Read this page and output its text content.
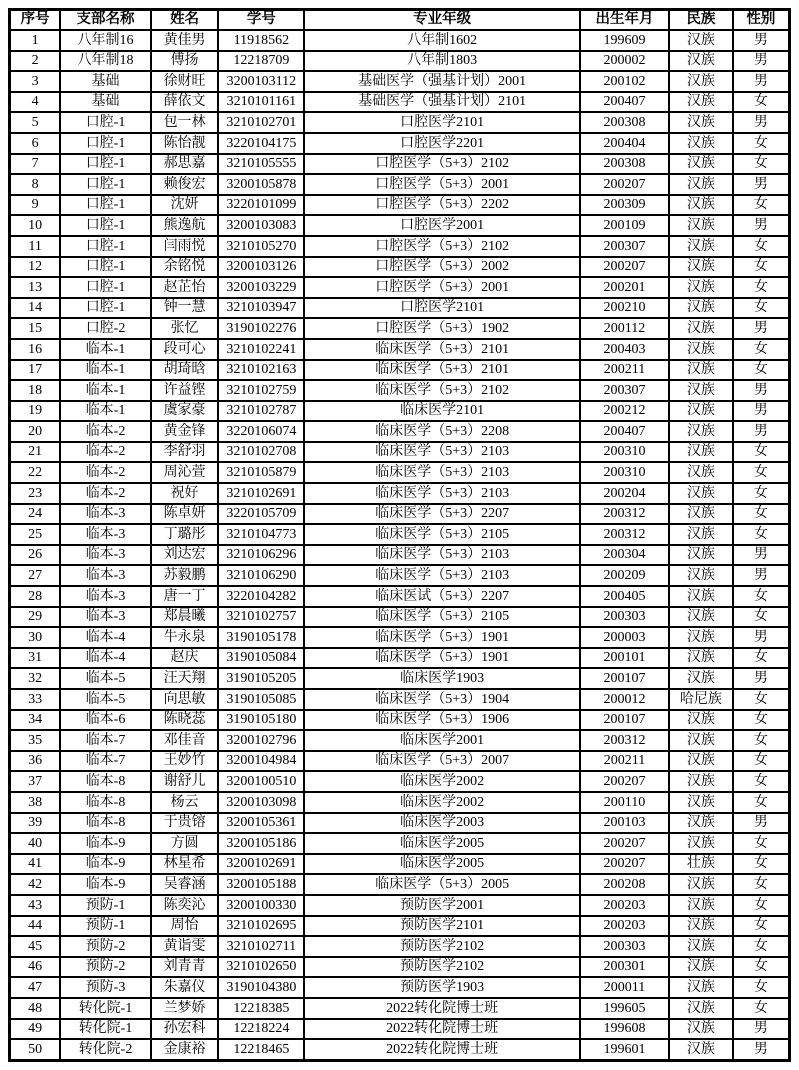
序号	支部名称	姓名	学号	专业年级	出生年月	民族	性别
1	八年制16	黄佳男	11918562	八年制1602	199609	汉族	男
2	八年制18	傅扬	12218709	八年制1803	200002	汉族	男
3	基础	徐财旺	3200103112	基础医学（强基计划）2001	200102	汉族	男
4	基础	薛依文	3210101161	基础医学（强基计划）2101	200407	汉族	女
5	口腔-1	包一林	3210102701	口腔医学2101	200308	汉族	男
6	口腔-1	陈怡靓	3220104175	口腔医学2201	200404	汉族	女
7	口腔-1	郝思嘉	3210105555	口腔医学（5+3）2102	200308	汉族	女
8	口腔-1	赖俊宏	3200105878	口腔医学（5+3）2001	200207	汉族	男
9	口腔-1	沈妍	3220101099	口腔医学（5+3）2202	200309	汉族	女
10	口腔-1	熊逸航	3200103083	口腔医学2001	200109	汉族	男
11	口腔-1	闫雨悦	3210105270	口腔医学（5+3）2102	200307	汉族	女
12	口腔-1	余铭悦	3200103126	口腔医学（5+3）2002	200207	汉族	女
13	口腔-1	赵芷怡	3200103229	口腔医学（5+3）2001	200201	汉族	女
14	口腔-1	钟一慧	3210103947	口腔医学2101	200210	汉族	女
15	口腔-2	张忆	3190102276	口腔医学（5+3）1902	200112	汉族	男
16	临本-1	段可心	3210102241	临床医学（5+3）2101	200403	汉族	女
17	临本-1	胡琦晗	3210102163	临床医学（5+3）2101	200211	汉族	女
18	临本-1	许益铿	3210102759	临床医学（5+3）2102	200307	汉族	男
19	临本-1	虞家豪	3210102787	临床医学2101	200212	汉族	男
20	临本-2	黄金锋	3220106074	临床医学（5+3）2208	200407	汉族	男
21	临本-2	李舒羽	3210102708	临床医学（5+3）2103	200310	汉族	女
22	临本-2	周沁萱	3210105879	临床医学（5+3）2103	200310	汉族	女
23	临本-2	祝好	3210102691	临床医学（5+3）2103	200204	汉族	女
24	临本-3	陈卓妍	3220105709	临床医学（5+3）2207	200312	汉族	女
25	临本-3	丁璐彤	3210104773	临床医学（5+3）2105	200312	汉族	女
26	临本-3	刘达宏	3210106296	临床医学（5+3）2103	200304	汉族	男
27	临本-3	苏毅鹏	3210106290	临床医学（5+3）2103	200209	汉族	男
28	临本-3	唐一丁	3220104282	临床医试（5+3）2207	200405	汉族	女
29	临本-3	郑晨曦	3210102757	临床医学（5+3）2105	200303	汉族	女
30	临本-4	牛永泉	3190105178	临床医学（5+3）1901	200003	汉族	男
31	临本-4	赵庆	3190105084	临床医学（5+3）1901	200101	汉族	女
32	临本-5	汪天翔	3190105205	临床医学1903	200107	汉族	男
33	临本-5	向思敏	3190105085	临床医学（5+3）1904	200012	哈尼族	女
34	临本-6	陈晓蕊	3190105180	临床医学（5+3）1906	200107	汉族	女
35	临本-7	邓佳音	3200102796	临床医学2001	200312	汉族	女
36	临本-7	王妙竹	3200104984	临床医学（5+3）2007	200211	汉族	女
37	临本-8	谢舒儿	3200100510	临床医学2002	200207	汉族	女
38	临本-8	杨云	3200103098	临床医学2002	200110	汉族	女
39	临本-8	于贵镕	3200105361	临床医学2003	200103	汉族	男
40	临本-9	方圆	3200105186	临床医学2005	200207	汉族	女
41	临本-9	林星希	3200102691	临床医学2005	200207	壮族	女
42	临本-9	吴睿涵	3200105188	临床医学（5+3）2005	200208	汉族	女
43	预防-1	陈奕沁	3200100330	预防医学2001	200203	汉族	女
44	预防-1	周怡	3210102695	预防医学2101	200203	汉族	女
45	预防-2	黄诣雯	3210102711	预防医学2102	200303	汉族	女
46	预防-2	刘青青	3210102650	预防医学2102	200301	汉族	女
47	预防-3	朱嘉仪	3190104380	预防医学1903	200011	汉族	女
48	转化院-1	兰梦娇	12218385	2022转化院博士班	199605	汉族	女
49	转化院-1	孙宏科	12218224	2022转化院博士班	199608	汉族	男
50	转化院-2	金康裕	12218465	2022转化院博士班	199601	汉族	男
